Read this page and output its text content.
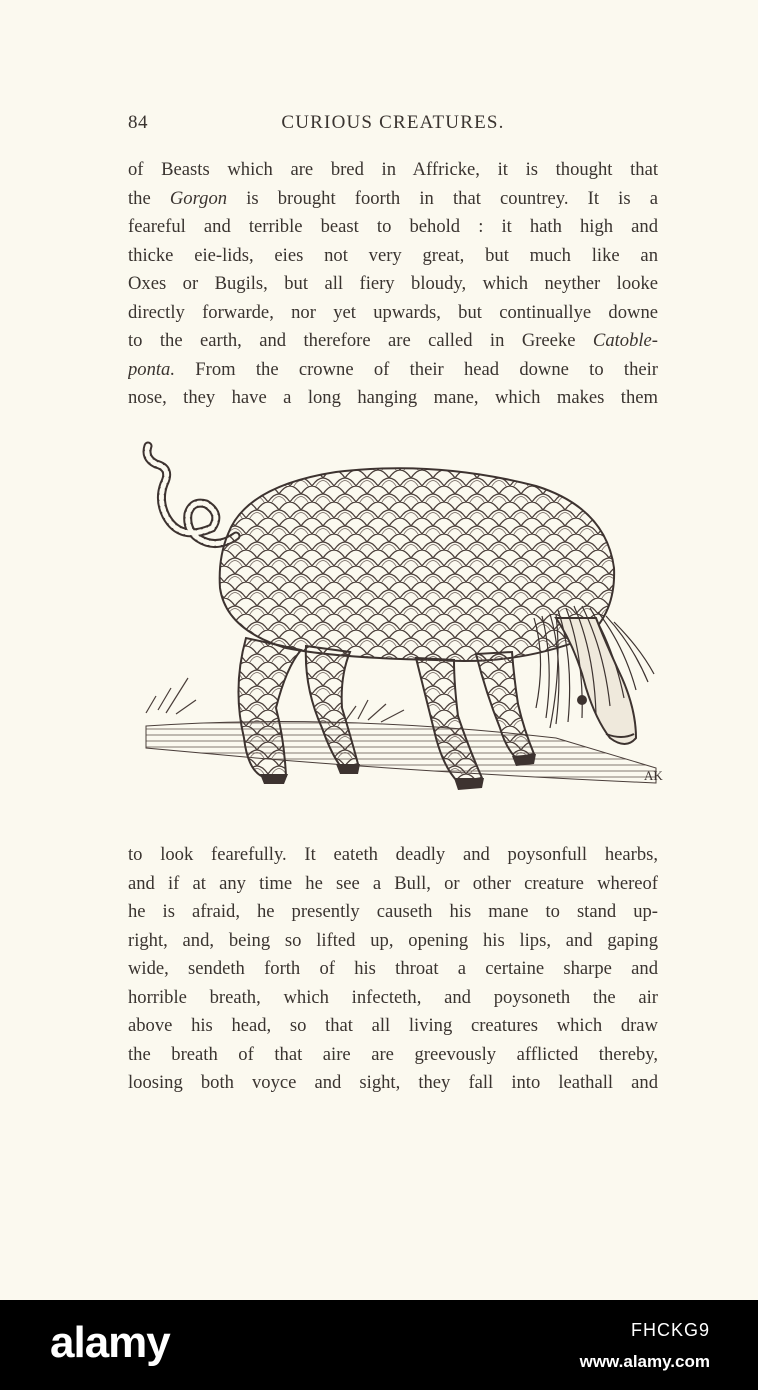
84	CURIOUS CREATURES.
of Beasts which are bred in Affricke, it is thought that
the Gorgon is brought foorth in that countrey. It is a
feareful and terrible beast to behold : it hath high and
thicke eie-lids, eies not very great, but much like an
Oxes or Bugils, but all fiery bloudy, which neyther looke
directly forwarde, nor yet upwards, but continuallye downe
to the earth, and therefore are called in Greeke Catoble-
ponta. From the crowne of their head downe to their
nose, they have a long hanging mane, which makes them
AK
to look fearefully. It eateth deadly and poysonfull hearbs,
and if at any time he see a Bull, or other creature whereof
he is afraid, he presently causeth his mane to stand up-
right, and, being so lifted up, opening his lips, and gaping
wide, sendeth forth of his throat a certaine sharpe and
horrible breath, which infecteth, and poysoneth the air
above his head, so that all living creatures which draw
the breath of that aire are greevously afflicted thereby,
loosing both voyce and sight, they fall into leathall and
alamy	FHCKG9
www.alamy.com
